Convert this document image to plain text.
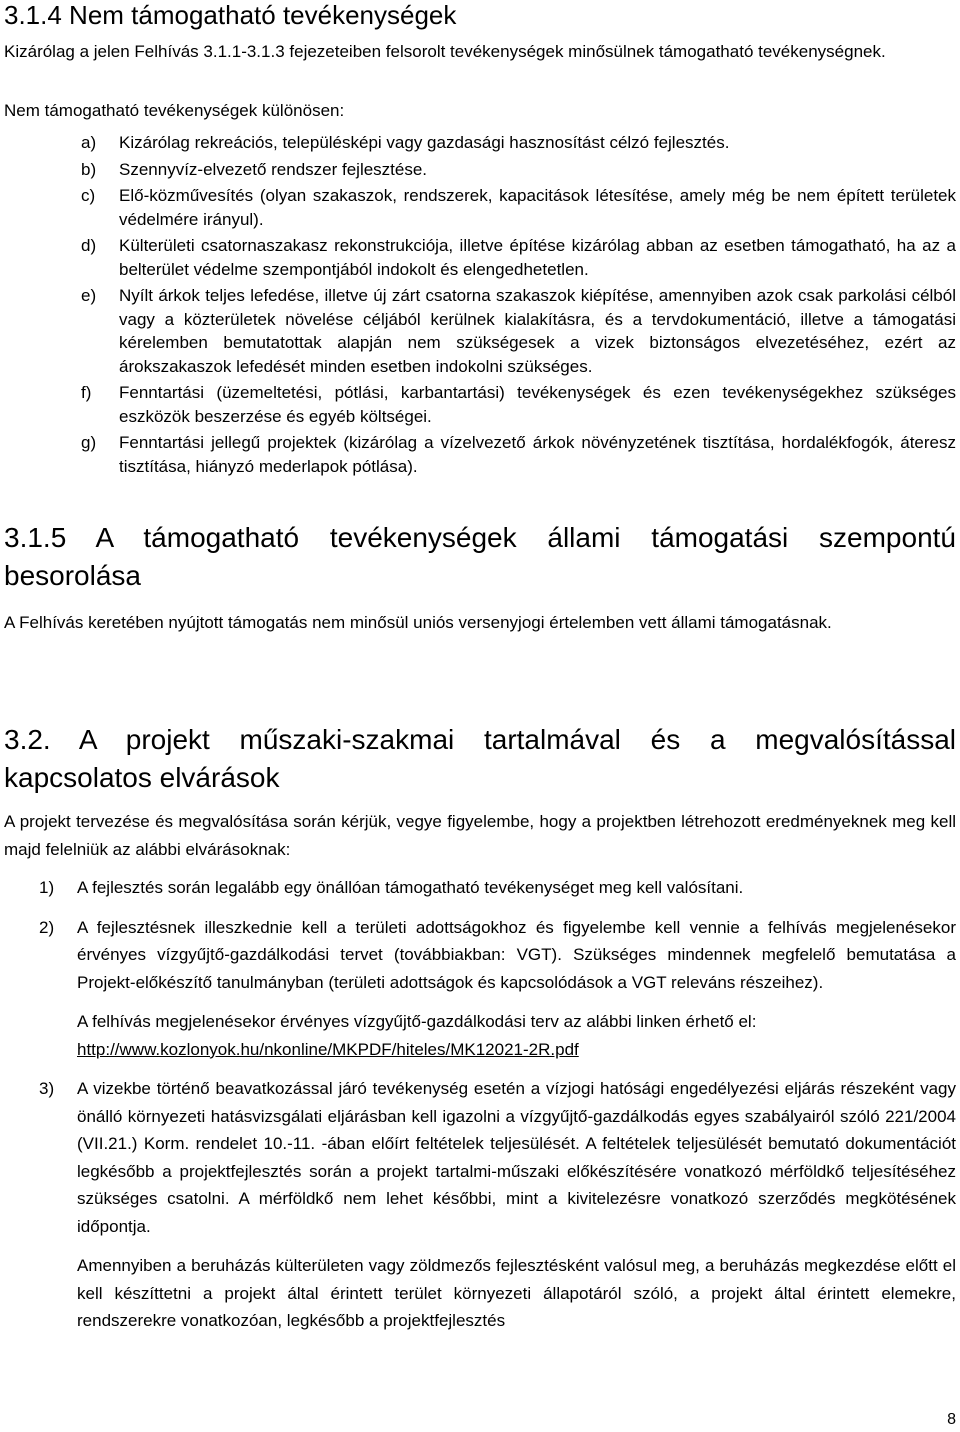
3.1.4 Nem támogatható tevékenységek
Kizárólag a jelen Felhívás 3.1.1-3.1.3 fejezeteiben felsorolt tevékenységek minősülnek támogatható tevékenységnek.
Nem támogatható tevékenységek különösen:
a) Kizárólag rekreációs, településképi vagy gazdasági hasznosítást célzó fejlesztés.
b) Szennyvíz-elvezető rendszer fejlesztése.
c) Elő-közművesítés (olyan szakaszok, rendszerek, kapacitások létesítése, amely még be nem épített területek védelmére irányul).
d) Külterületi csatornaszakasz rekonstrukciója, illetve építése kizárólag abban az esetben támogatható, ha az a belterület védelme szempontjából indokolt és elengedhetetlen.
e) Nyílt árkok teljes lefedése, illetve új zárt csatorna szakaszok kiépítése, amennyiben azok csak parkolási célból vagy a közterületek növelése céljából kerülnek kialakításra, és a tervdokumentáció, illetve a támogatási kérelemben bemutatottak alapján nem szükségesek a vizek biztonságos elvezetéséhez, ezért az árokszakaszok lefedését minden esetben indokolni szükséges.
f) Fenntartási (üzemeltetési, pótlási, karbantartási) tevékenységek és ezen tevékenységekhez szükséges eszközök beszerzése és egyéb költségei.
g) Fenntartási jellegű projektek (kizárólag a vízelvezető árkok növényzetének tisztítása, hordalékfogók, áteresz tisztítása, hiányzó mederlapok pótlása).
3.1.5 A támogatható tevékenységek állami támogatási szempontú
besorolása
A Felhívás keretében nyújtott támogatás nem minősül uniós versenyjogi értelemben vett állami támogatásnak.
3.2. A projekt műszaki-szakmai tartalmával és a megvalósítással
kapcsolatos elvárások
A projekt tervezése és megvalósítása során kérjük, vegye figyelembe, hogy a projektben létrehozott eredményeknek meg kell majd felelniük az alábbi elvárásoknak:
1) A fejlesztés során legalább egy önállóan támogatható tevékenységet meg kell valósítani.
2) A fejlesztésnek illeszkednie kell a területi adottságokhoz és figyelembe kell vennie a felhívás megjelenésekor érvényes vízgyűjtő-gazdálkodási tervet (továbbiakban: VGT). Szükséges mindennek megfelelő bemutatása a Projekt-előkészítő tanulmányban (területi adottságok és kapcsolódások a VGT releváns részeihez).

A felhívás megjelenésekor érvényes vízgyűjtő-gazdálkodási terv az alábbi linken érhető el:
http://www.kozlonyok.hu/nkonline/MKPDF/hiteles/MK12021-2R.pdf

3) A vizekbe történő beavatkozással járó tevékenység esetén a vízjogi hatósági engedélyezési eljárás részeként vagy önálló környezeti hatásvizsgálati eljárásban kell igazolni a vízgyűjtő-gazdálkodás egyes szabályairól szóló 221/2004 (VII.21.) Korm. rendelet 10.-11. -ában előírt feltételek teljesülését. A feltételek teljesülését bemutató dokumentációt legkésőbb a projektfejlesztés során a projekt tartalmi-műszaki előkészítésére vonatkozó mérföldkő teljesítéséhez szükséges csatolni. A mérföldkő nem lehet későbbi, mint a kivitelezésre vonatkozó szerződés megkötésének időpontja.

Amennyiben a beruházás külterületen vagy zöldmezős fejlesztésként valósul meg, a beruházás megkezdése előtt el kell készíttetni a projekt által érintett terület környezeti állapotáról szóló, a projekt által érintett elemekre, rendszerekre vonatkozóan, legkésőbb a projektfejlesztés

8
